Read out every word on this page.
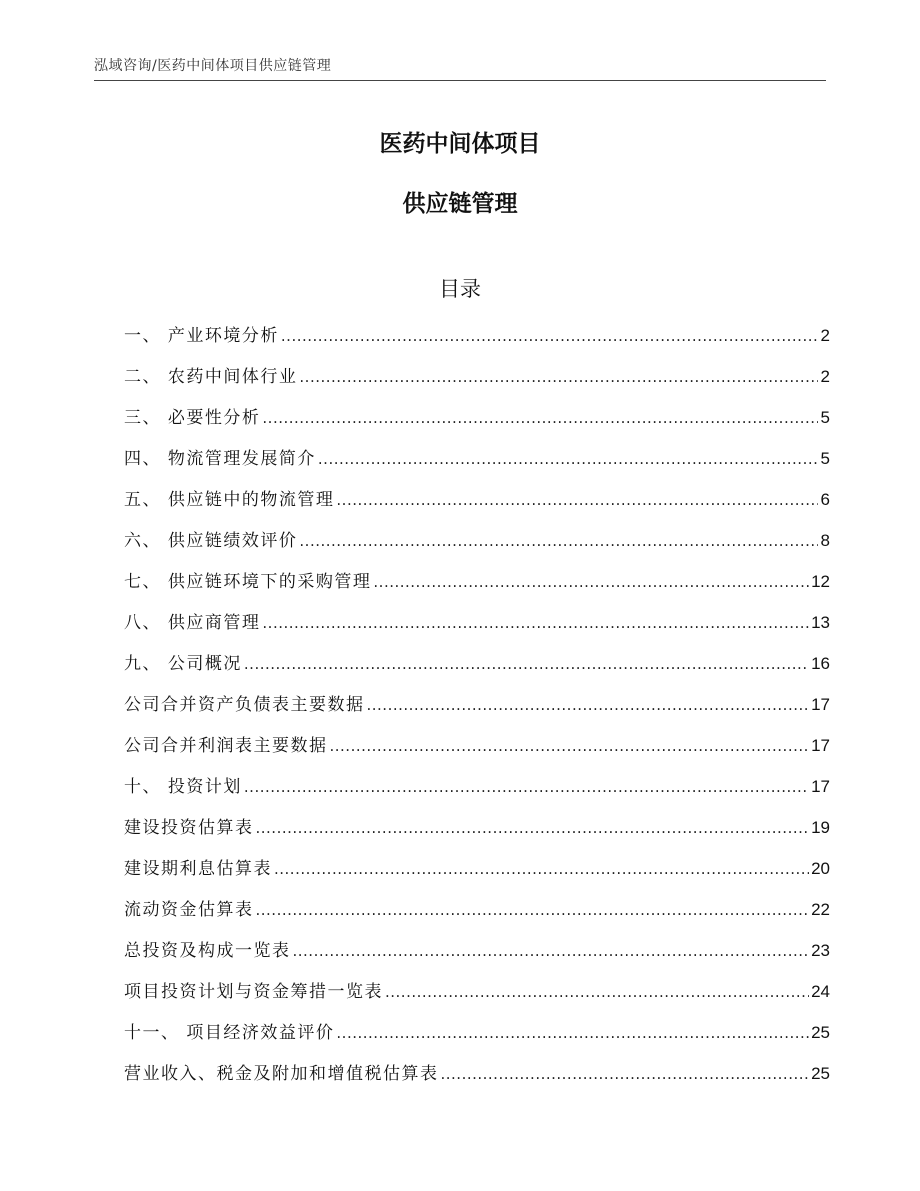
泓域咨询/医药中间体项目供应链管理
医药中间体项目
供应链管理
目录
一、 产业环境分析 .....	2
二、 农药中间体行业 .....	2
三、 必要性分析 .....	5
四、 物流管理发展简介 .....	5
五、 供应链中的物流管理 .....	6
六、 供应链绩效评价 .....	8
七、 供应链环境下的采购管理 .....	12
八、 供应商管理 .....	13
九、 公司概况 .....	16
公司合并资产负债表主要数据 .....	17
公司合并利润表主要数据 .....	17
十、 投资计划 .....	17
建设投资估算表 .....	19
建设期利息估算表 .....	20
流动资金估算表 .....	22
总投资及构成一览表 .....	23
项目投资计划与资金筹措一览表 .....	24
十一、 项目经济效益评价 .....	25
营业收入、税金及附加和增值税估算表 .....	25
